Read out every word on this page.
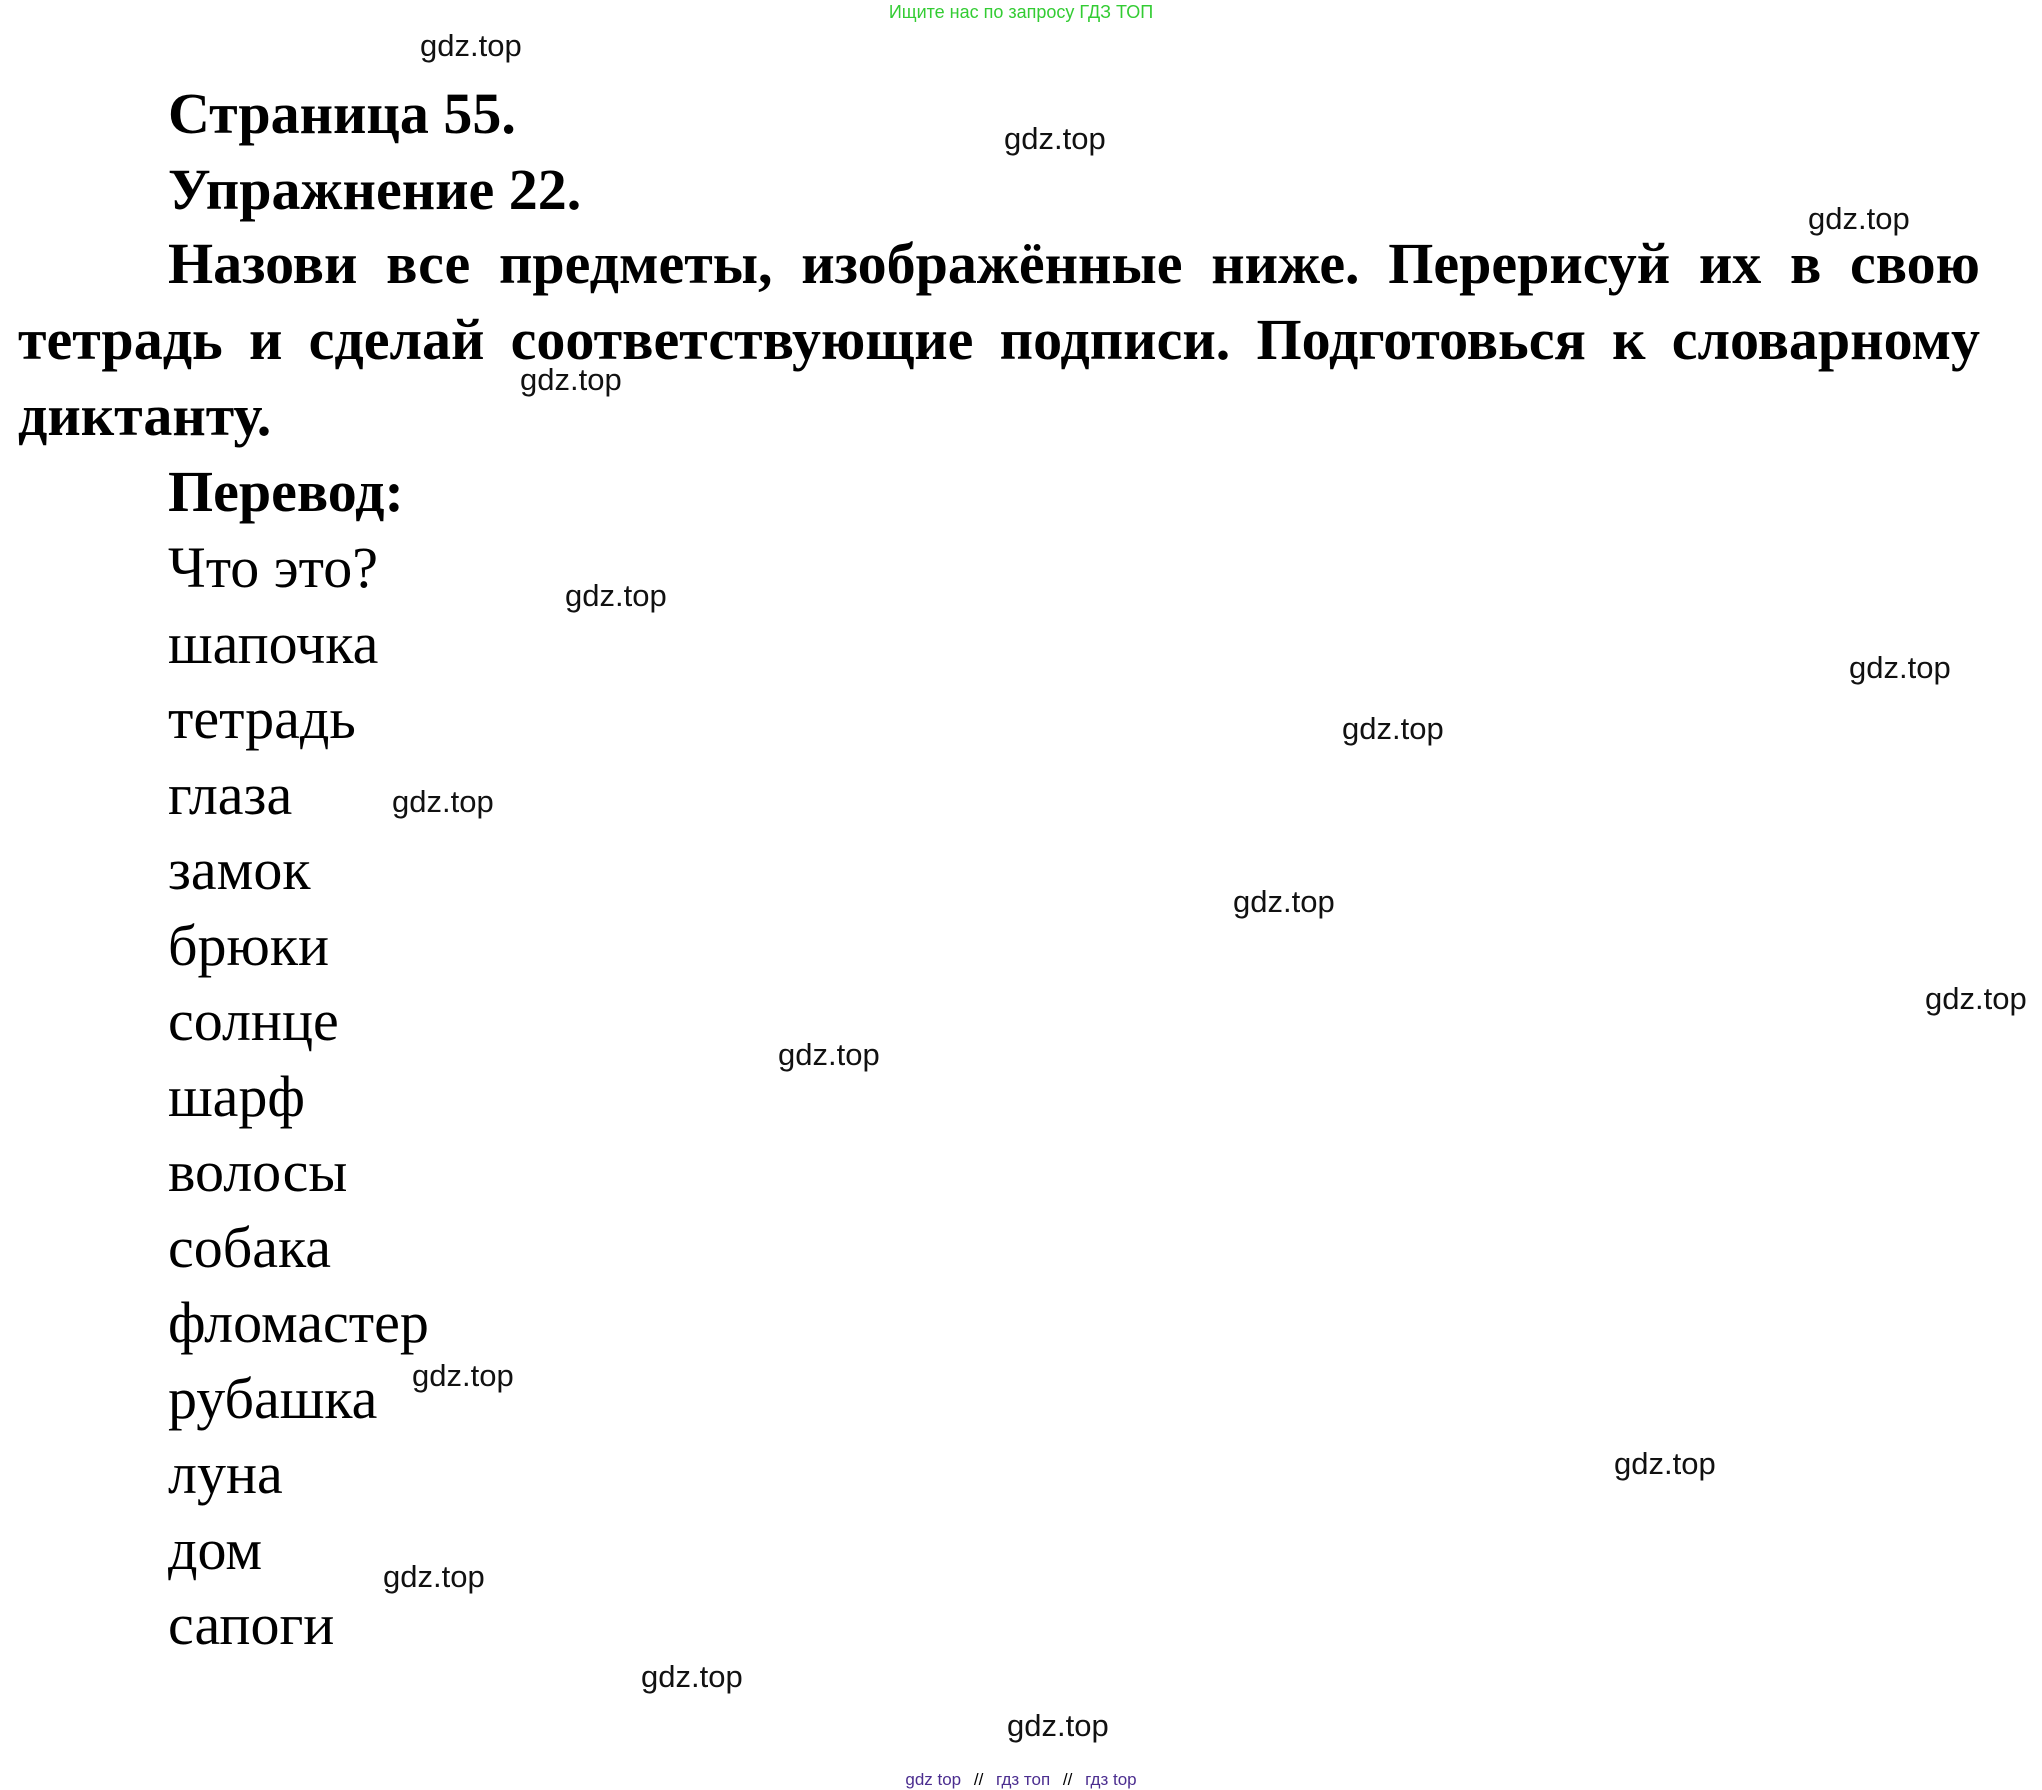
Ищите нас по запросу ГДЗ ТОП
Страница 55.
Упражнение 22.
Назови все предметы, изображённые ниже. Перерисуй их в свою тетрадь и сделай соответствующие подписи. Подготовься к словарному диктанту.
Перевод:
Что это?
шапочка
тетрадь
глаза
замок
брюки
солнце
шарф
волосы
собака
фломастер
рубашка
луна
дом
сапоги
gdz.top
gdz.top
gdz.top
gdz.top
gdz.top
gdz.top
gdz.top
gdz.top
gdz.top
gdz.top
gdz.top
gdz.top
gdz.top
gdz.top
gdz.top
gdz.top
gdz top // гдз топ // гдз top
